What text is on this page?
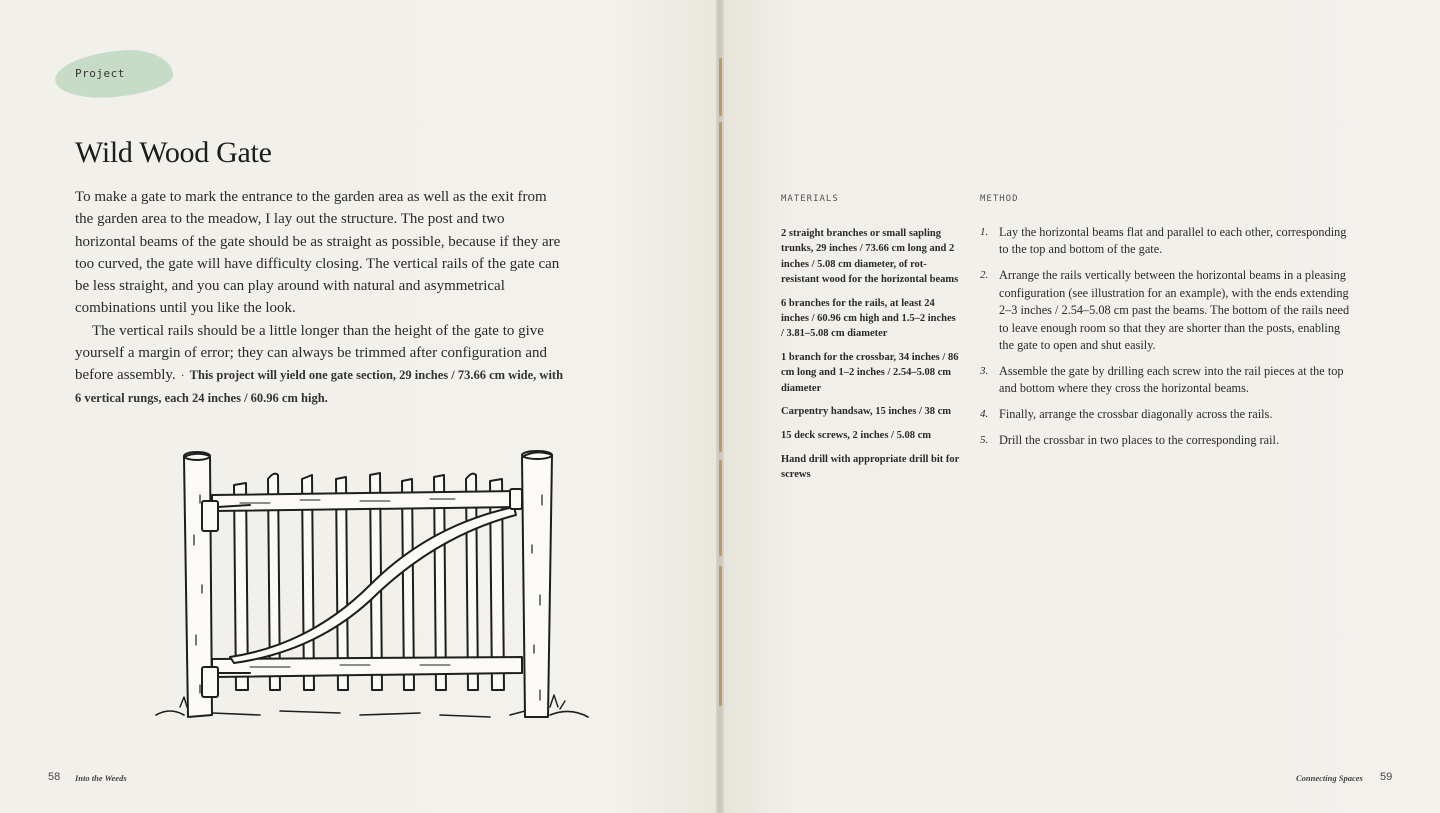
Project
Wild Wood Gate

To make a gate to mark the entrance to the garden area as well as the exit from the garden area to the meadow, I lay out the structure. The post and two horizontal beams of the gate should be as straight as possible, because if they are too curved, the gate will have difficulty closing. The vertical rails of the gate can be less straight, and you can play around with natural and asymmetrical combinations until you like the look.

The vertical rails should be a little longer than the height of the gate to give yourself a margin of error; they can always be trimmed after configuration and before assembly. · This project will yield one gate section, 29 inches / 73.66 cm wide, with 6 vertical rungs, each 24 inches / 60.96 cm high.

58 Into the Weeds
MATERIALS
2 straight branches or small sapling trunks, 29 inches / 73.66 cm long and 2 inches / 5.08 cm diameter, of rot-resistant wood for the horizontal beams
6 branches for the rails, at least 24 inches / 60.96 cm high and 1.5–2 inches / 3.81–5.08 cm diameter
1 branch for the crossbar, 34 inches / 86 cm long and 1–2 inches / 2.54–5.08 cm diameter
Carpentry handsaw, 15 inches / 38 cm
15 deck screws, 2 inches / 5.08 cm
Hand drill with appropriate drill bit for screws
METHOD
1. Lay the horizontal beams flat and parallel to each other, corresponding to the top and bottom of the gate.
2. Arrange the rails vertically between the horizontal beams in a pleasing configuration (see illustration for an example), with the ends extending 2–3 inches / 2.54–5.08 cm past the beams. The bottom of the rails need to leave enough room so that they are shorter than the posts, enabling the gate to open and shut easily.
3. Assemble the gate by drilling each screw into the rail pieces at the top and bottom where they cross the horizontal beams.
4. Finally, arrange the crossbar diagonally across the rails.
5. Drill the crossbar in two places to the corresponding rail.
Connecting Spaces 59
